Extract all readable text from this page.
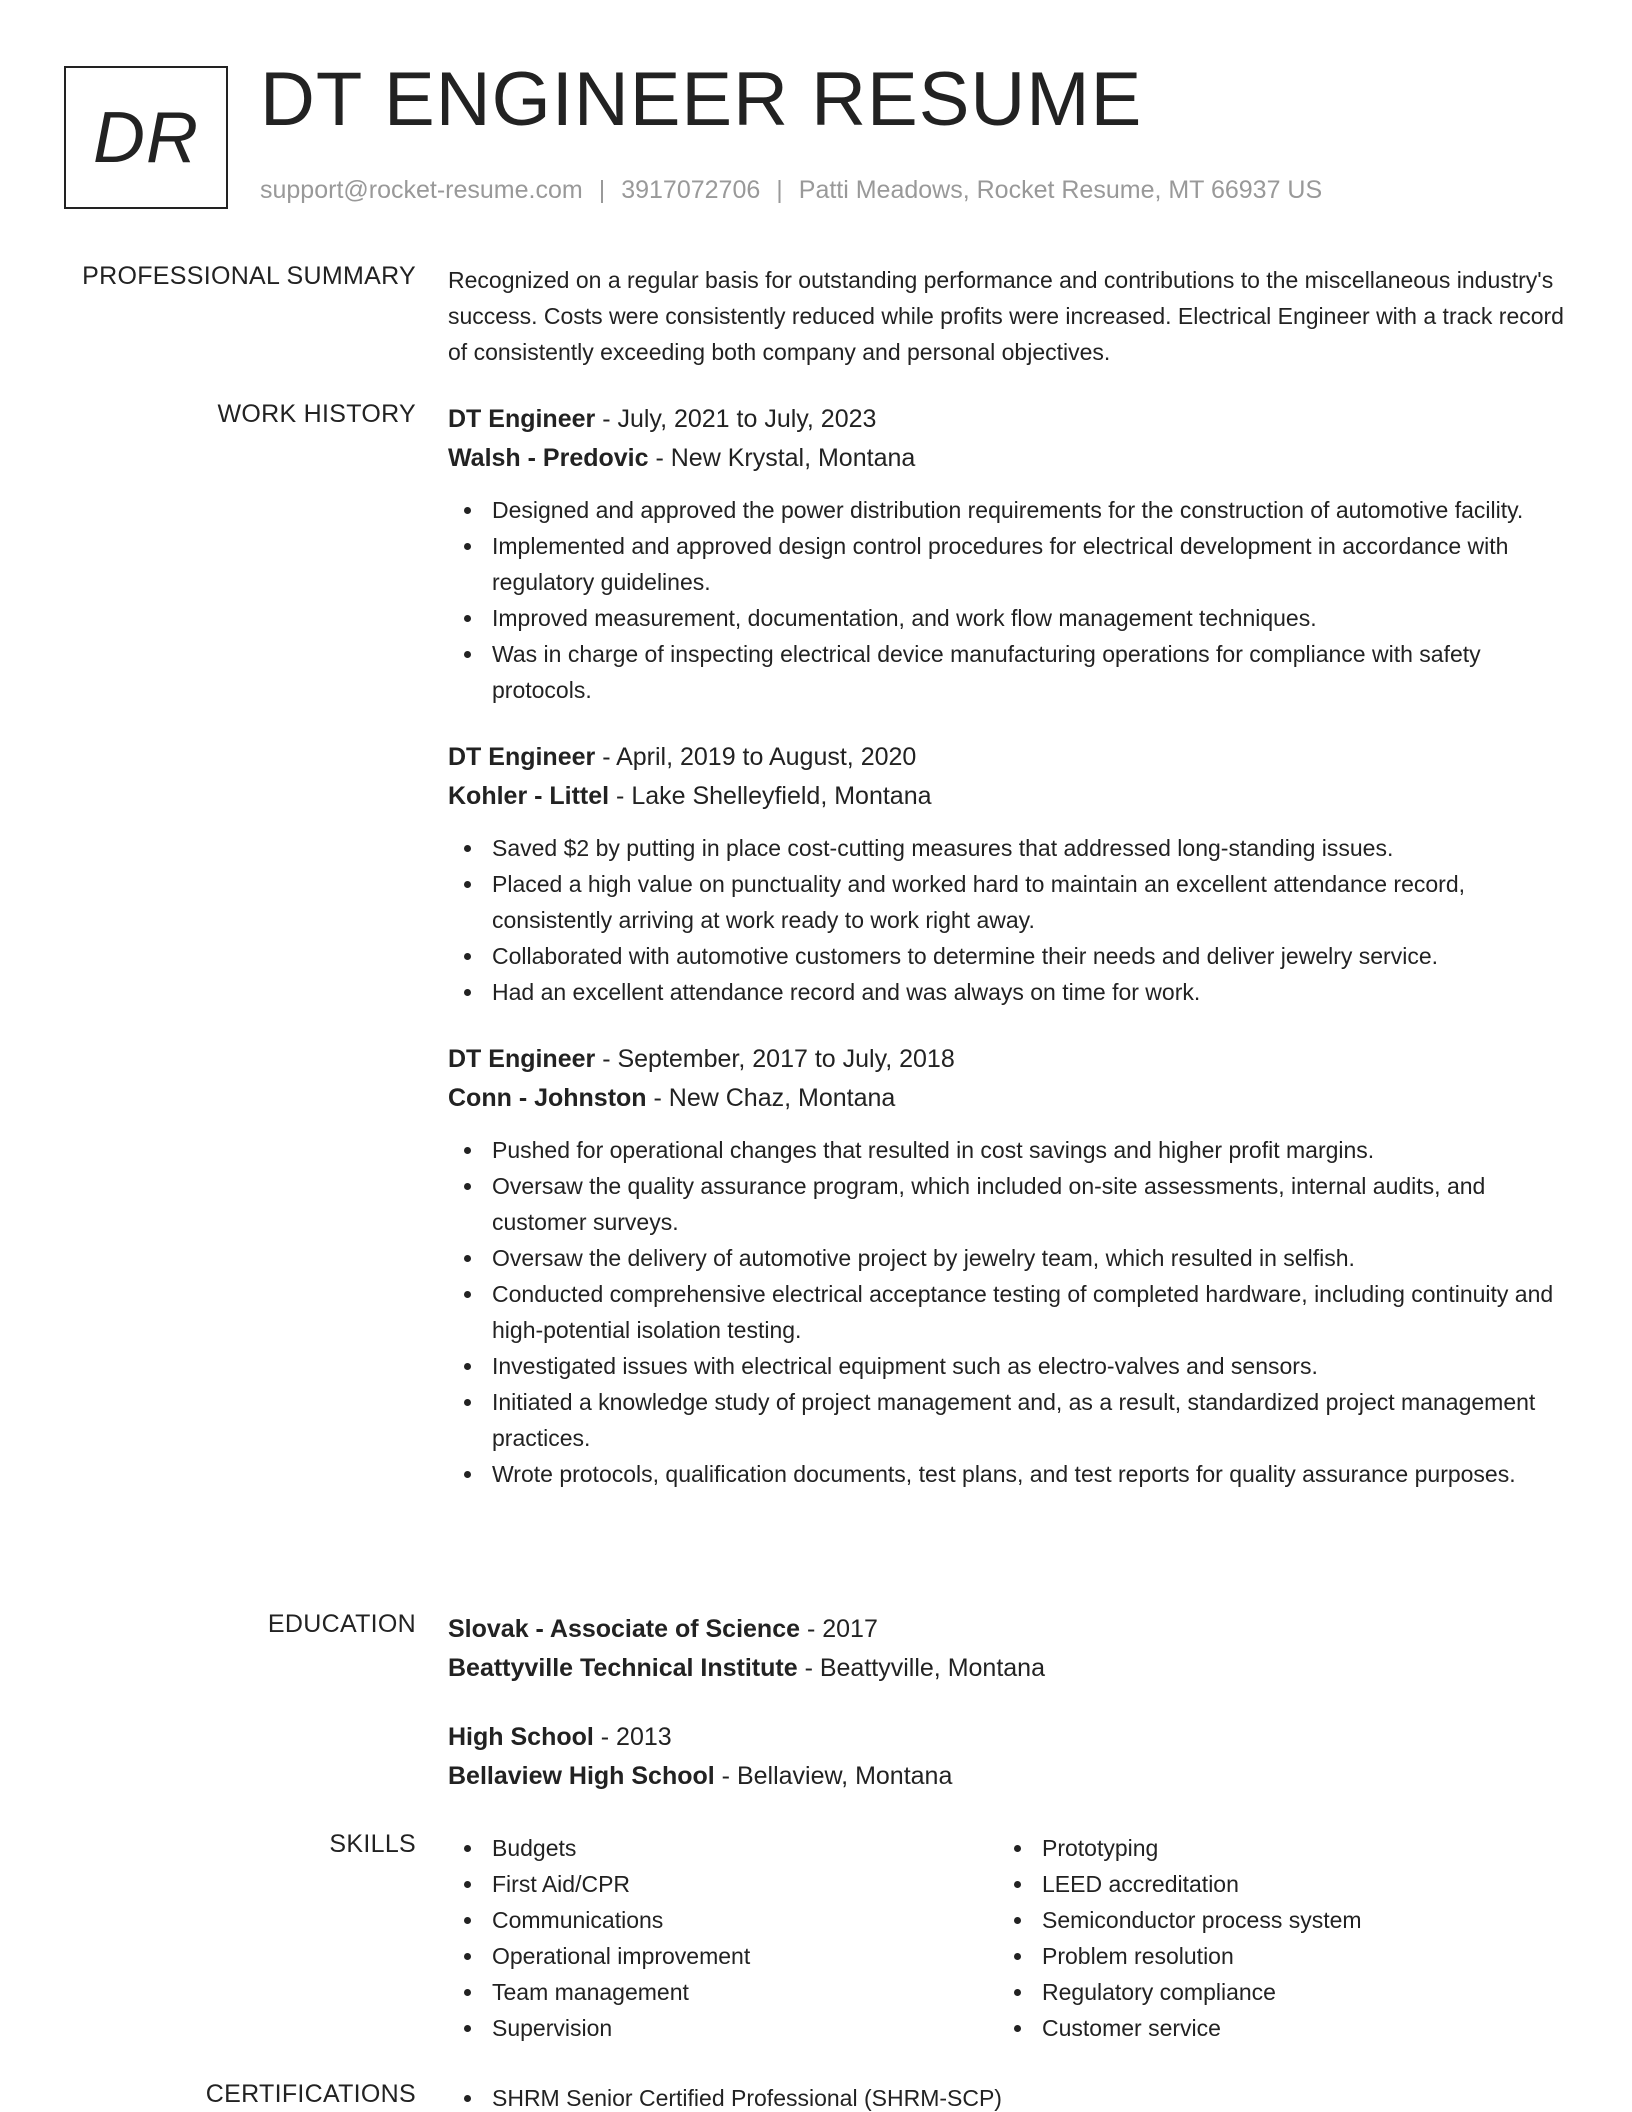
DR DT ENGINEER RESUME
support@rocket-resume.com | 3917072706 | Patti Meadows, Rocket Resume, MT 66937 US
PROFESSIONAL SUMMARY Recognized on a regular basis for outstanding performance and contributions to the miscellaneous industry's success. Costs were consistently reduced while profits were increased. Electrical Engineer with a track record of consistently exceeding both company and personal objectives.

WORK HISTORY DT Engineer - July, 2021 to July, 2023
Walsh - Predovic - New Krystal, Montana
Designed and approved the power distribution requirements for the construction of automotive facility.
Implemented and approved design control procedures for electrical development in accordance with regulatory guidelines.
Improved measurement, documentation, and work flow management techniques.
Was in charge of inspecting electrical device manufacturing operations for compliance with safety protocols.
DT Engineer - April, 2019 to August, 2020
Kohler - Littel - Lake Shelleyfield, Montana
Saved $2 by putting in place cost-cutting measures that addressed long-standing issues.
Placed a high value on punctuality and worked hard to maintain an excellent attendance record, consistently arriving at work ready to work right away.
Collaborated with automotive customers to determine their needs and deliver jewelry service.
Had an excellent attendance record and was always on time for work.
DT Engineer - September, 2017 to July, 2018
Conn - Johnston - New Chaz, Montana
Pushed for operational changes that resulted in cost savings and higher profit margins.
Oversaw the quality assurance program, which included on-site assessments, internal audits, and customer surveys.
Oversaw the delivery of automotive project by jewelry team, which resulted in selfish.
Conducted comprehensive electrical acceptance testing of completed hardware, including continuity and high-potential isolation testing.
Investigated issues with electrical equipment such as electro-valves and sensors.
Initiated a knowledge study of project management and, as a result, standardized project management practices.
Wrote protocols, qualification documents, test plans, and test reports for quality assurance purposes.
EDUCATION Slovak - Associate of Science - 2017
Beattyville Technical Institute - Beattyville, Montana
High School - 2013
Bellaview High School - Bellaview, Montana
SKILLS	Budgets
First Aid/CPR
Communications
Operational improvement
Team management
Supervision
Prototyping
LEED accreditation
Semiconductor process system
Problem resolution
Regulatory compliance
Customer service
CERTIFICATIONS	SHRM Senior Certified Professional (SHRM-SCP)
